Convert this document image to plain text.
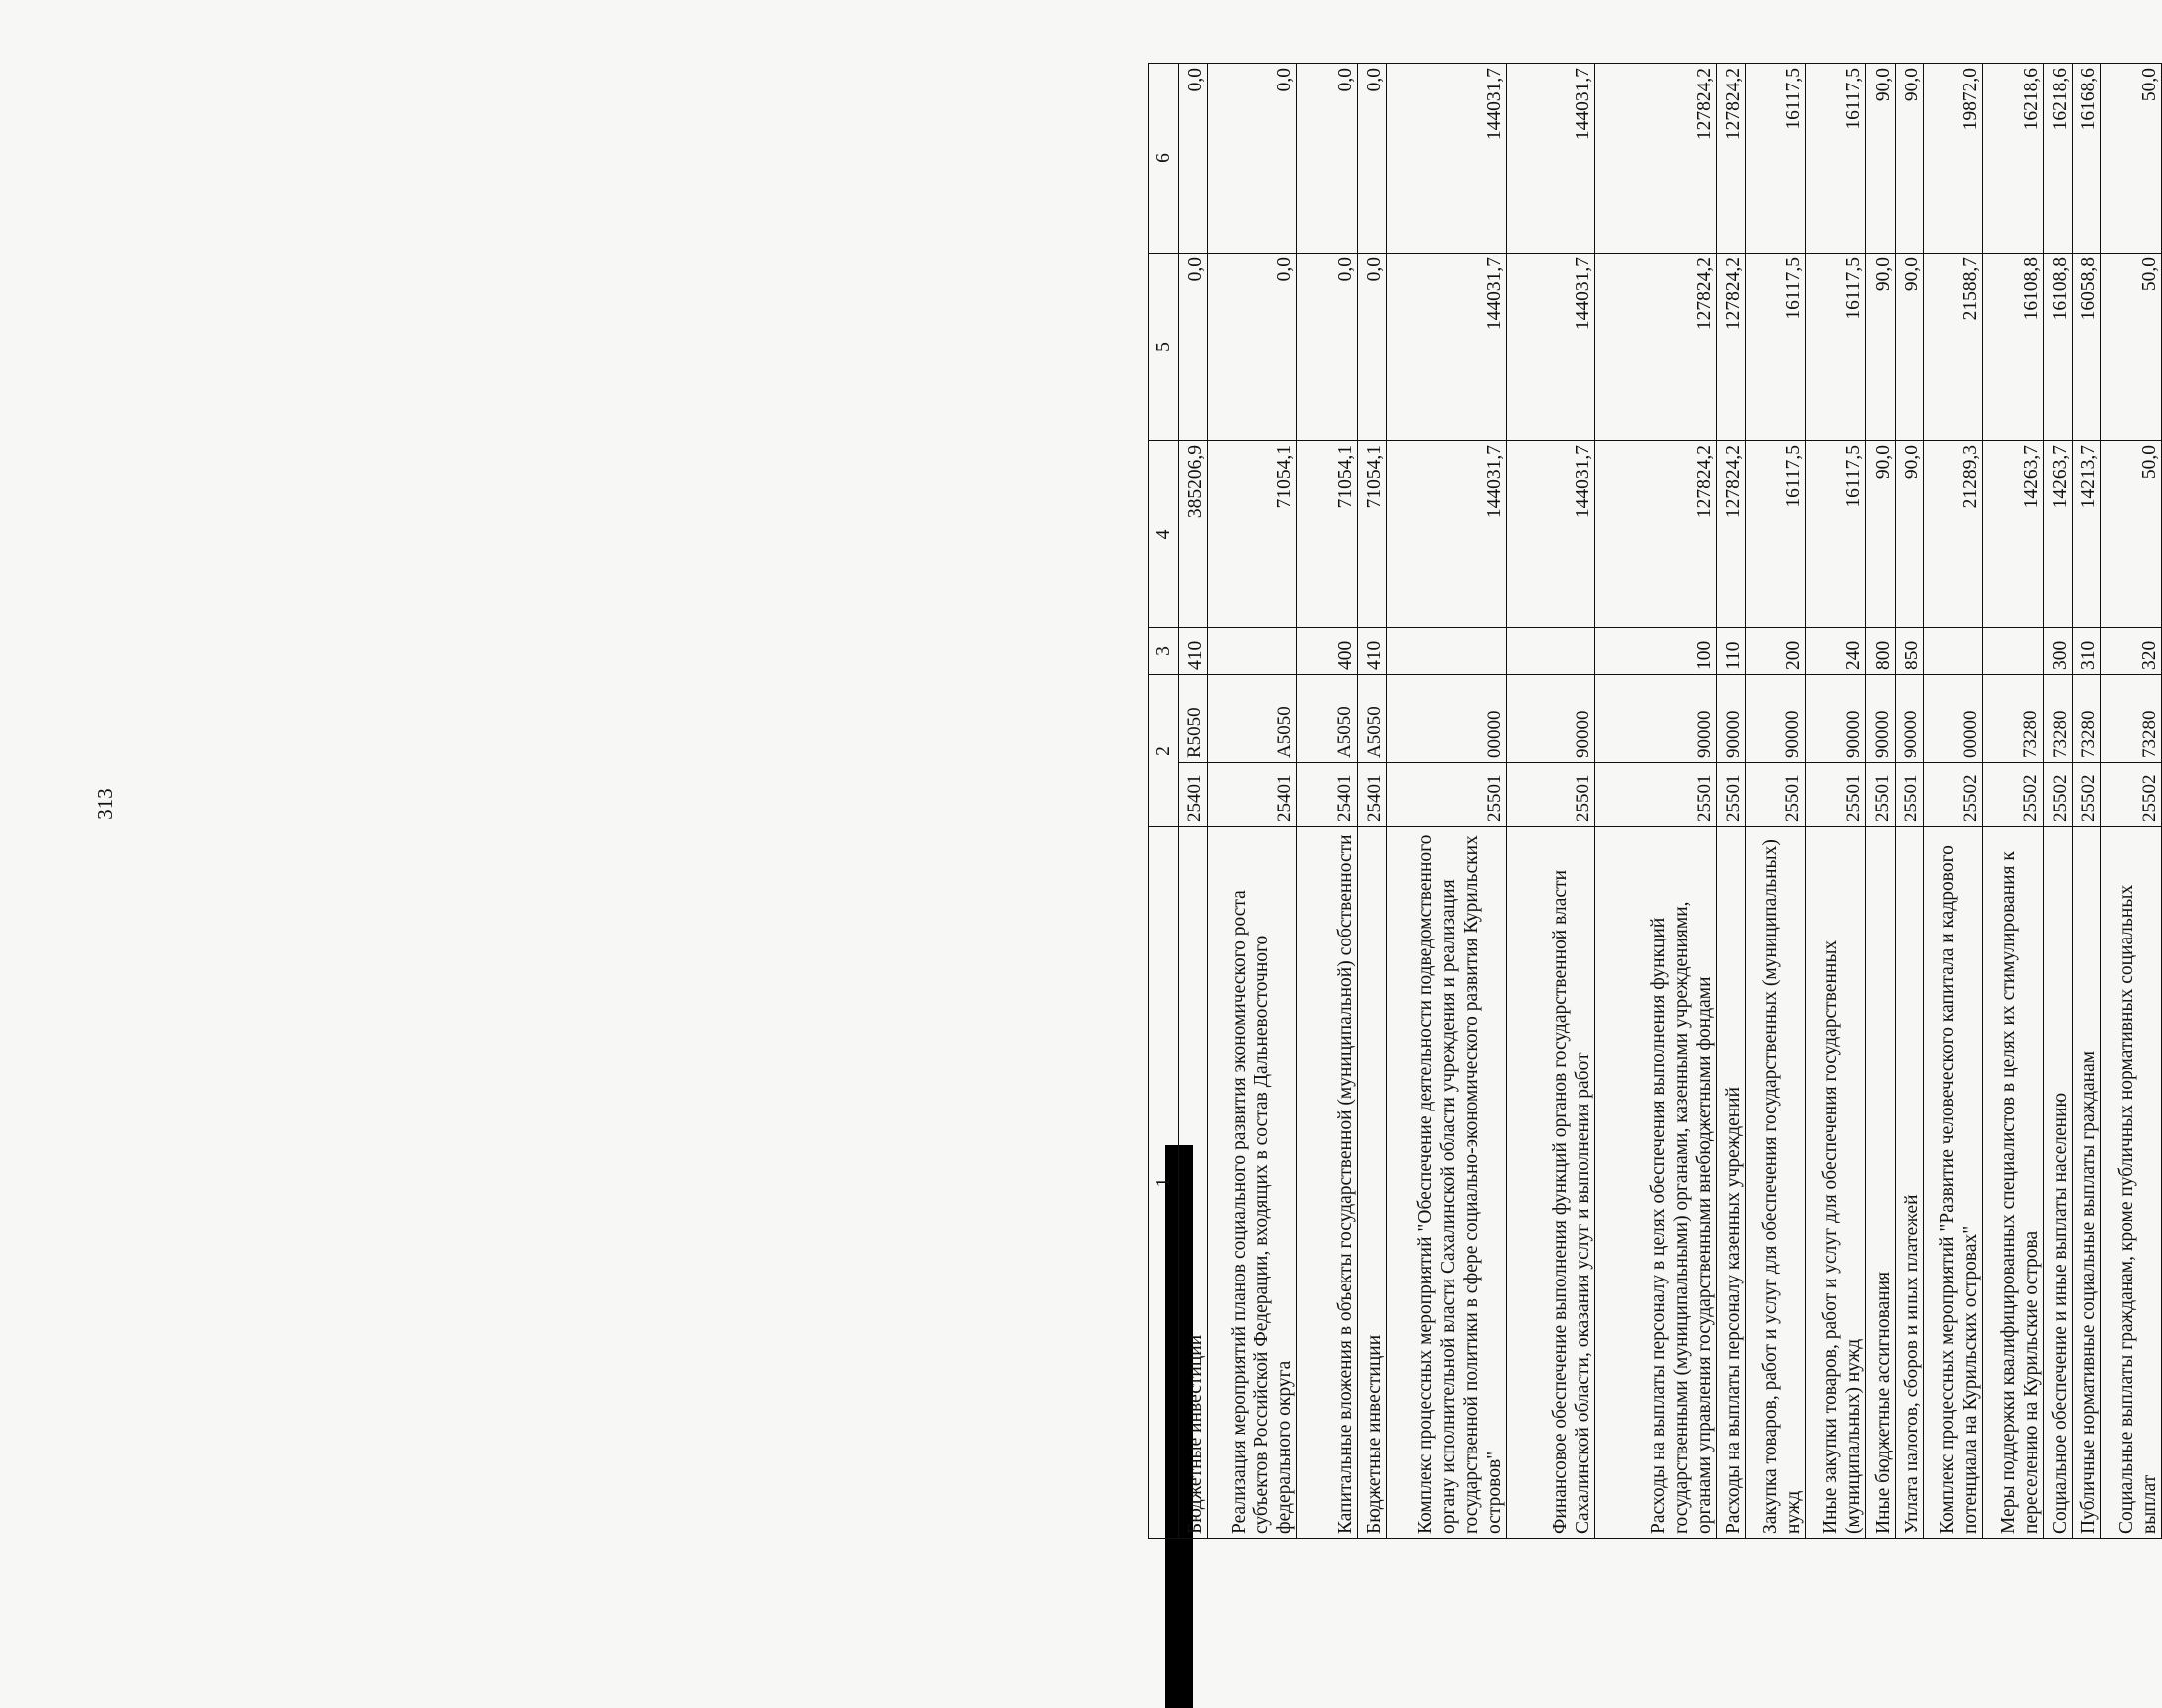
313
1	2		3	4	5	6
Бюджетные инвестиции	25401	R5050	410	385206,9	0,0	0,0
Реализация мероприятий планов социального развития экономического роста субъектов Российской Федерации, входящих в состав Дальневосточного федерального округа	25401	A5050		71054,1	0,0	0,0
Капитальные вложения в объекты государственной (муниципальной) собственности	25401	A5050	400	71054,1	0,0	0,0
Бюджетные инвестиции	25401	A5050	410	71054,1	0,0	0,0
Комплекс процессных мероприятий "Обеспечение деятельности подведомственного органу исполнительной власти Сахалинской области учреждения и реализация государственной политики в сфере социально-экономического развития Курильских островов"	25501	00000		144031,7	144031,7	144031,7
Финансовое обеспечение выполнения функций органов государственной власти Сахалинской области, оказания услуг и выполнения работ	25501	90000		144031,7	144031,7	144031,7
Расходы на выплаты персоналу в целях обеспечения выполнения функций государственными (муниципальными) органами, казенными учреждениями, органами управления государственными внебюджетными фондами	25501	90000	100	127824,2	127824,2	127824,2
Расходы на выплаты персоналу казенных учреждений	25501	90000	110	127824,2	127824,2	127824,2
Закупка товаров, работ и услуг для обеспечения государственных (муниципальных) нужд	25501	90000	200	16117,5	16117,5	16117,5
Иные закупки товаров, работ и услуг для обеспечения государственных (муниципальных) нужд	25501	90000	240	16117,5	16117,5	16117,5
Иные бюджетные ассигнования	25501	90000	800	90,0	90,0	90,0
Уплата налогов, сборов и иных платежей	25501	90000	850	90,0	90,0	90,0
Комплекс процессных мероприятий "Развитие человеческого капитала и кадрового потенциала на Курильских островах"	25502	00000		21289,3	21588,7	19872,0
Меры поддержки квалифицированных специалистов в целях их стимулирования к переселению на Курильские острова	25502	73280		14263,7	16108,8	16218,6
Социальное обеспечение и иные выплаты населению	25502	73280	300	14263,7	16108,8	16218,6
Публичные нормативные социальные выплаты гражданам	25502	73280	310	14213,7	16058,8	16168,6
Социальные выплаты гражданам, кроме публичных нормативных социальных выплат	25502	73280	320	50,0	50,0	50,0
